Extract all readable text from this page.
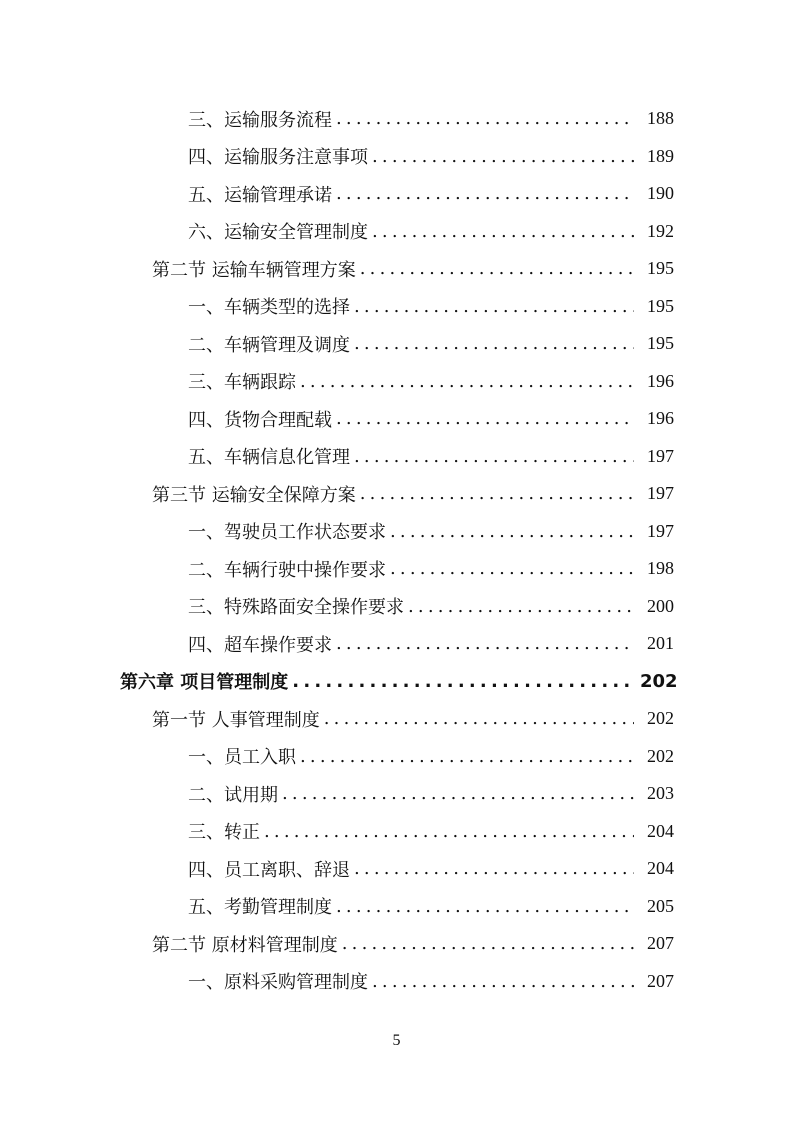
三、运输服务流程 .....	188
四、运输服务注意事项 .....	189
五、运输管理承诺 .....	190
六、运输安全管理制度 .....	192
第二节 运输车辆管理方案 .....	195
一、车辆类型的选择 .....	195
二、车辆管理及调度 .....	195
三、车辆跟踪 .....	196
四、货物合理配载 .....	196
五、车辆信息化管理 .....	197
第三节 运输安全保障方案 .....	197
一、驾驶员工作状态要求 .....	197
二、车辆行驶中操作要求 .....	198
三、特殊路面安全操作要求 .....	200
四、超车操作要求 .....	201
第六章 项目管理制度 .....	202
第一节 人事管理制度 .....	202
一、员工入职 .....	202
二、试用期 .....	203
三、转正 .....	204
四、员工离职、辞退 .....	204
五、考勤管理制度 .....	205
第二节 原材料管理制度 .....	207
一、原料采购管理制度 .....	207
5
